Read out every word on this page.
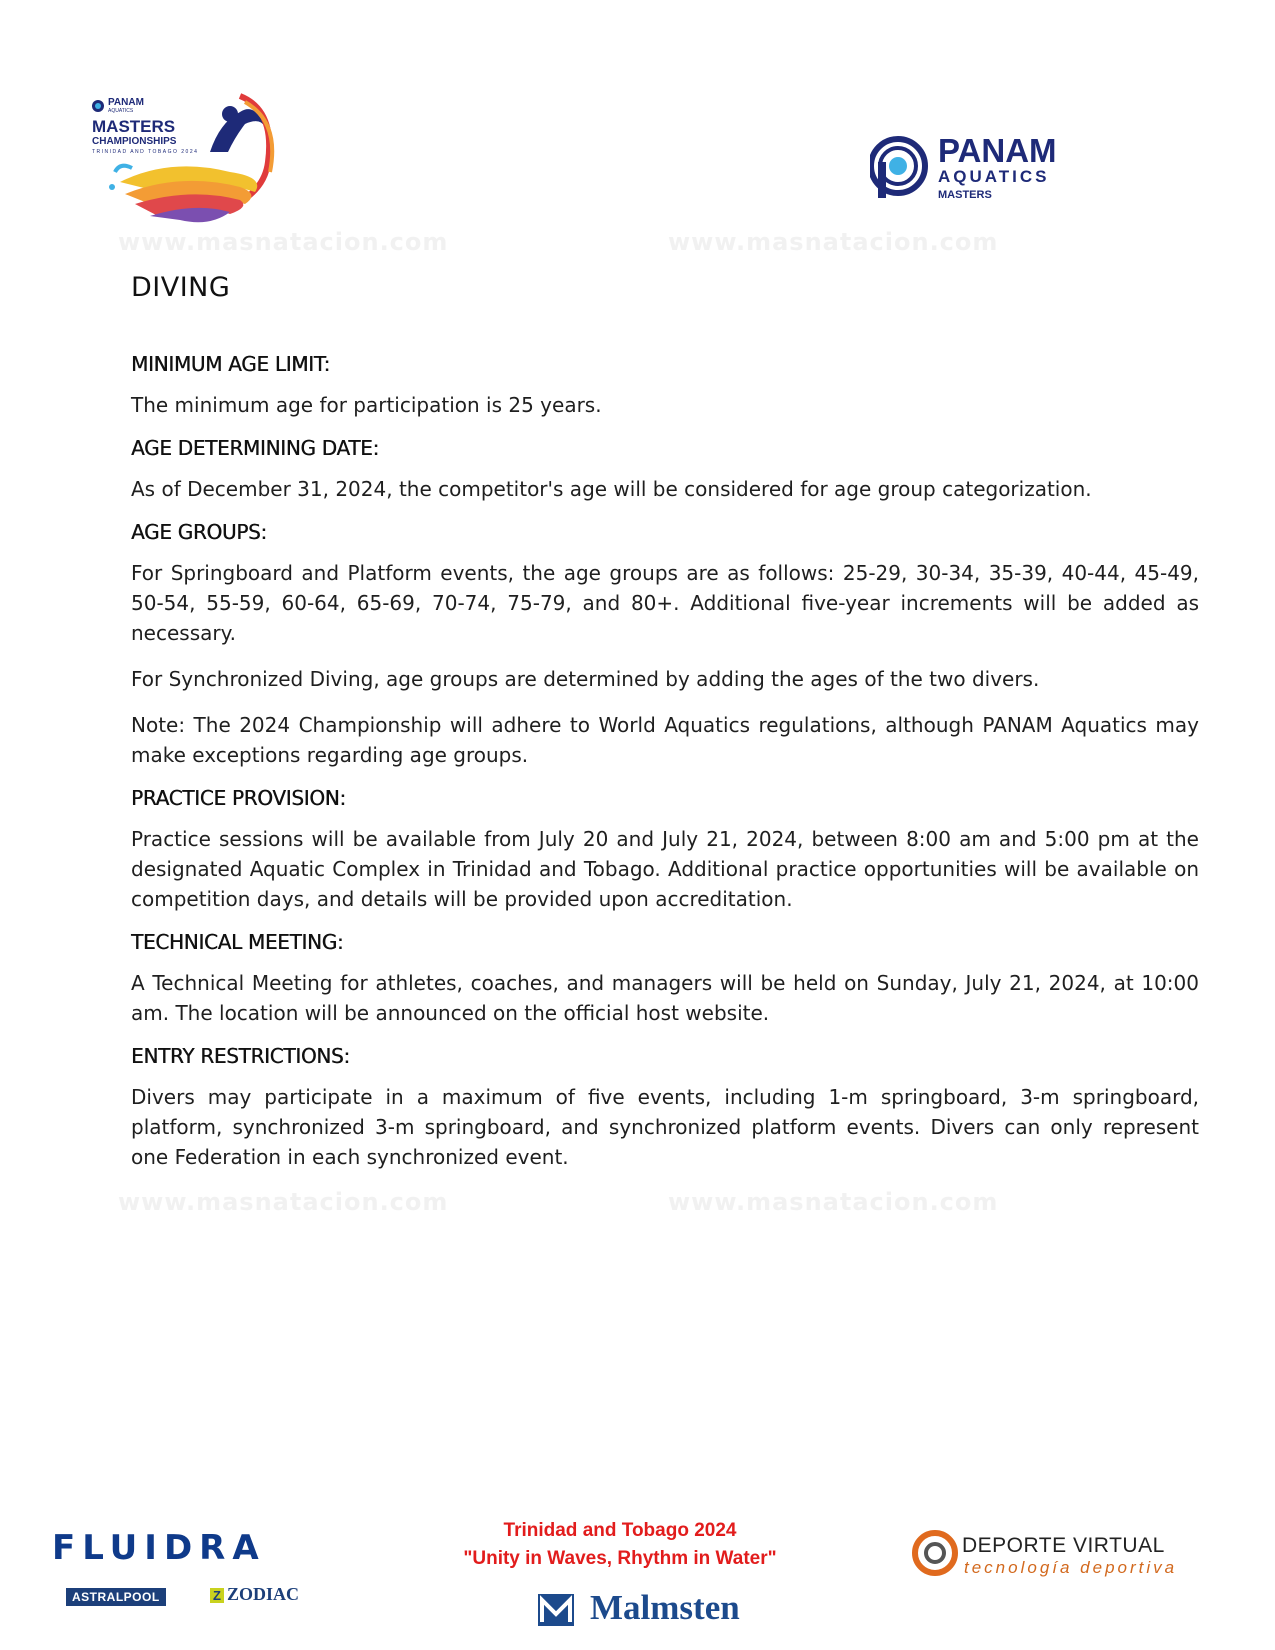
www.masnatacion.com	www.masnatacion.com
www.masnatacion.com	www.masnatacion.com
PANAM
AQUATICS
MASTERS
CHAMPIONSHIPS
TRINIDAD AND TOBAGO 2024	PANAM
AQUATICS
MASTERS
DIVING
MINIMUM AGE LIMIT:

The minimum age for participation is 25 years.

AGE DETERMINING DATE:

As of December 31, 2024, the competitor's age will be considered for age group categorization.

AGE GROUPS:

For Springboard and Platform events, the age groups are as follows: 25-29, 30-34, 35-39, 40-44, 45-49, 50-54, 55-59, 60-64, 65-69, 70-74, 75-79, and 80+. Additional five-year increments will be added as necessary.

For Synchronized Diving, age groups are determined by adding the ages of the two divers.

Note: The 2024 Championship will adhere to World Aquatics regulations, although PANAM Aquatics may make exceptions regarding age groups.

PRACTICE PROVISION:

Practice sessions will be available from July 20 and July 21, 2024, between 8:00 am and 5:00 pm at the designated Aquatic Complex in Trinidad and Tobago. Additional practice opportunities will be available on competition days, and details will be provided upon accreditation.

TECHNICAL MEETING:

A Technical Meeting for athletes, coaches, and managers will be held on Sunday, July 21, 2024, at 10:00 am. The location will be announced on the official host website.

ENTRY RESTRICTIONS:

Divers may participate in a maximum of five events, including 1-m springboard, 3-m springboard, platform, synchronized 3-m springboard, and synchronized platform events. Divers can only represent one Federation in each synchronized event.

FLUIDRA
ASTRALPOOL	Z ZODIAC
Trinidad and Tobago 2024
"Unity in Waves, Rhythm in Water"
Malmsten
DEPORTE VIRTUAL
tecnología deportiva
